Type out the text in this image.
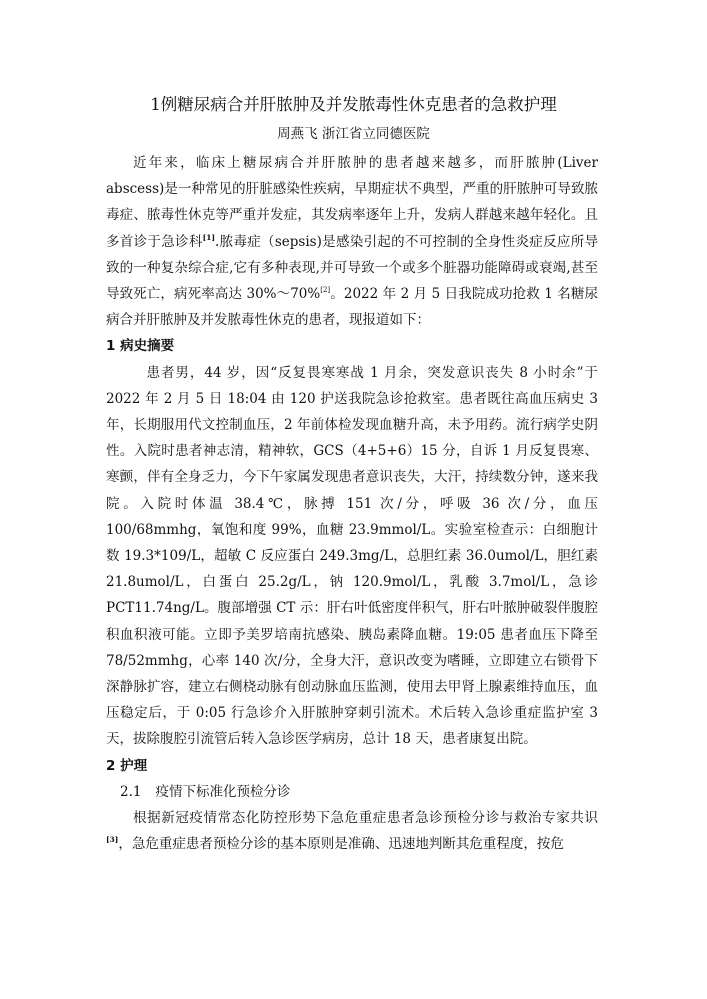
1例糖尿病合并肝脓肿及并发脓毒性休克患者的急救护理
周燕飞 浙江省立同德医院

近年来，临床上糖尿病合并肝脓肿的患者越来越多，而肝脓肿(Liver abscess)是一种常见的肝脏感染性疾病，早期症状不典型，严重的肝脓肿可导致脓毒症、脓毒性休克等严重并发症，其发病率逐年上升，发病人群越来越年轻化。且多首诊于急诊科[1].脓毒症（sepsis)是感染引起的不可控制的全身性炎症反应所导致的一种复杂综合症,它有多种表现,并可导致一个或多个脏器功能障碍或衰竭,甚至导致死亡，病死率高达 30%～70%[2]。2022 年 2 月 5 日我院成功抢救 1 名糖尿病合并肝脓肿及并发脓毒性休克的患者，现报道如下：

1 病史摘要

患者男，44 岁，因“反复畏寒寒战 1 月余，突发意识丧失 8 小时余”于 2022 年 2 月 5 日 18:04 由 120 护送我院急诊抢救室。患者既往高血压病史 3 年，长期服用代文控制血压，2 年前体检发现血糖升高，未予用药。流行病学史阴性。入院时患者神志清，精神软，GCS（4+5+6）15 分，自诉 1 月反复畏寒、寒颤，伴有全身乏力，今下午家属发现患者意识丧失，大汗，持续数分钟，遂来我院。入院时体温 38.4℃，脉搏 151 次/分，呼吸 36 次/分，血压 100/68mmhg，氧饱和度 99%，血糖 23.9mmol/L。实验室检查示：白细胞计数 19.3*109/L，超敏 C 反应蛋白 249.3mg/L，总胆红素 36.0umol/L，胆红素 21.8umol/L，白蛋白 25.2g/L，钠 120.9mol/L，乳酸 3.7mol/L，急诊 PCT11.74ng/L。腹部增强 CT 示：肝右叶低密度伴积气，肝右叶脓肿破裂伴腹腔积血积液可能。立即予美罗培南抗感染、胰岛素降血糖。19:05 患者血压下降至 78/52mmhg，心率 140 次/分，全身大汗，意识改变为嗜睡，立即建立右锁骨下深静脉扩容，建立右侧桡动脉有创动脉血压监测，使用去甲肾上腺素维持血压，血压稳定后，于 0:05 行急诊介入肝脓肿穿刺引流术。术后转入急诊重症监护室 3 天，拔除腹腔引流管后转入急诊医学病房，总计 18 天，患者康复出院。

2 护理
2.1 疫情下标准化预检分诊

根据新冠疫情常态化防控形势下急危重症患者急诊预检分诊与救治专家共识[3]，急危重症患者预检分诊的基本原则是准确、迅速地判断其危重程度，按危
